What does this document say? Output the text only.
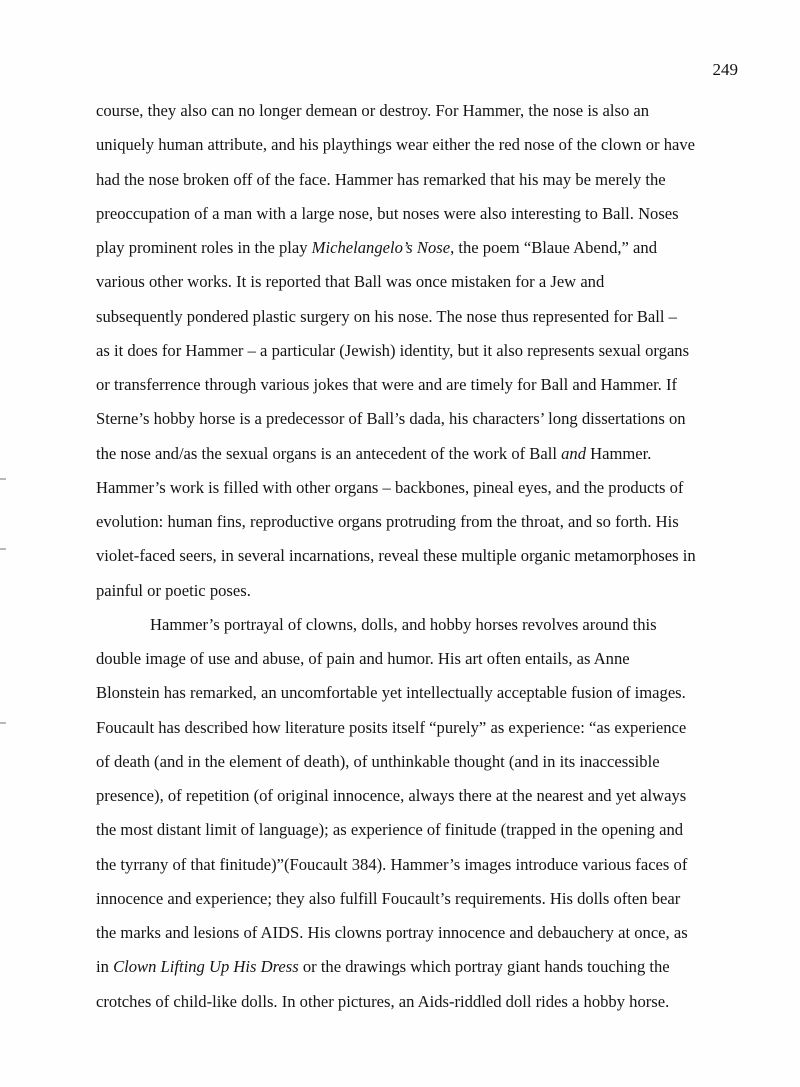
249
course, they also can no longer demean or destroy. For Hammer, the nose is also an
uniquely human attribute, and his playthings wear either the red nose of the clown or have
had the nose broken off of the face. Hammer has remarked that his may be merely the
preoccupation of a man with a large nose, but noses were also interesting to Ball. Noses
play prominent roles in the play Michelangelo’s Nose, the poem “Blaue Abend,” and
various other works. It is reported that Ball was once mistaken for a Jew and
subsequently pondered plastic surgery on his nose. The nose thus represented for Ball –
as it does for Hammer – a particular (Jewish) identity, but it also represents sexual organs
or transferrence through various jokes that were and are timely for Ball and Hammer. If
Sterne’s hobby horse is a predecessor of Ball’s dada, his characters’ long dissertations on
the nose and/as the sexual organs is an antecedent of the work of Ball and Hammer.
Hammer’s work is filled with other organs – backbones, pineal eyes, and the products of
evolution: human fins, reproductive organs protruding from the throat, and so forth. His
violet-faced seers, in several incarnations, reveal these multiple organic metamorphoses in
painful or poetic poses.
Hammer’s portrayal of clowns, dolls, and hobby horses revolves around this
double image of use and abuse, of pain and humor. His art often entails, as Anne
Blonstein has remarked, an uncomfortable yet intellectually acceptable fusion of images.
Foucault has described how literature posits itself “purely” as experience: “as experience
of death (and in the element of death), of unthinkable thought (and in its inaccessible
presence), of repetition (of original innocence, always there at the nearest and yet always
the most distant limit of language); as experience of finitude (trapped in the opening and
the tyrrany of that finitude)”(Foucault 384). Hammer’s images introduce various faces of
innocence and experience; they also fulfill Foucault’s requirements. His dolls often bear
the marks and lesions of AIDS. His clowns portray innocence and debauchery at once, as
in Clown Lifting Up His Dress or the drawings which portray giant hands touching the
crotches of child-like dolls. In other pictures, an Aids-riddled doll rides a hobby horse.
